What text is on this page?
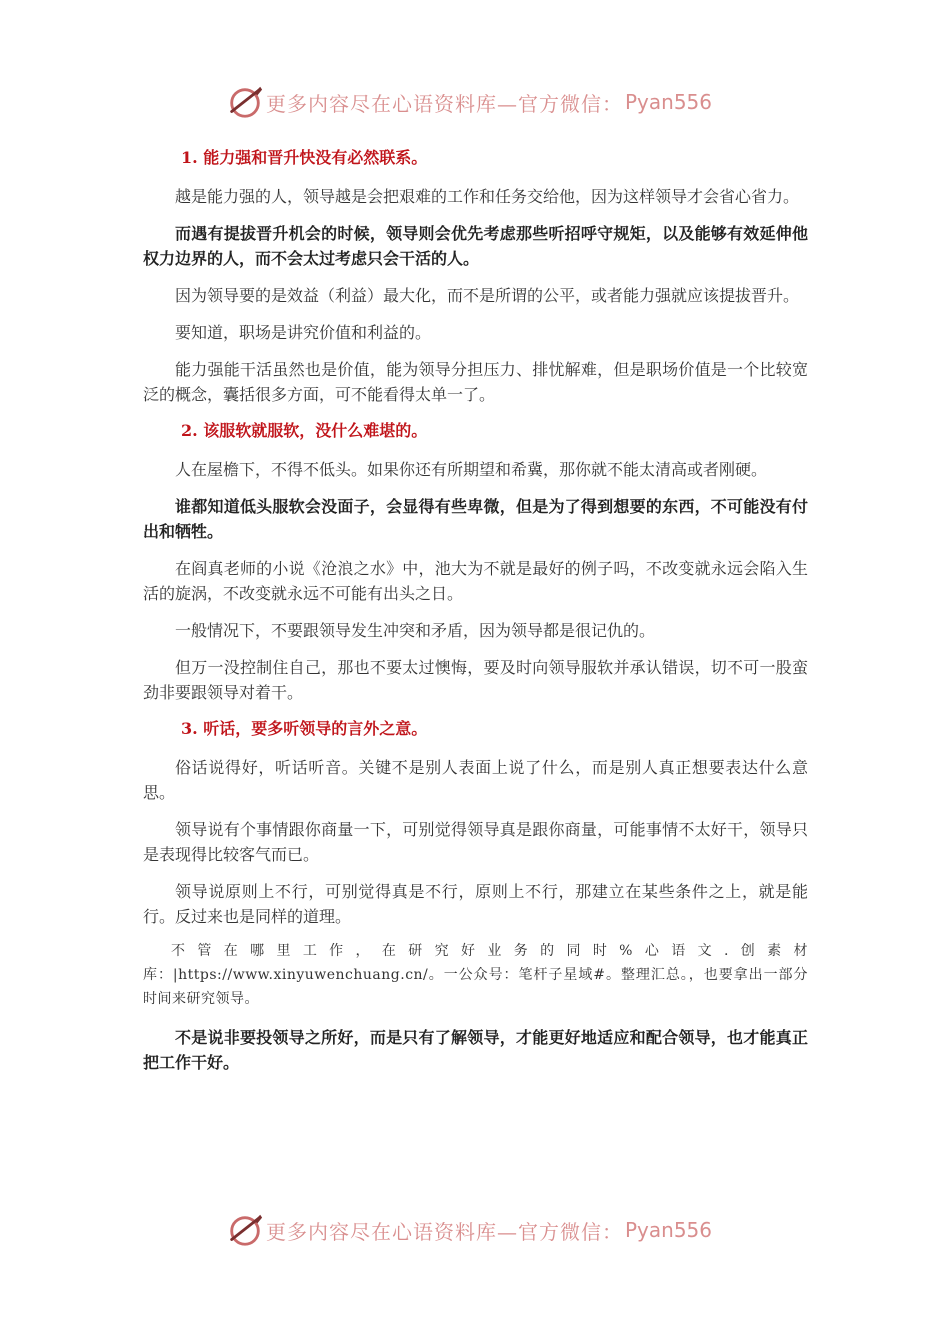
更多内容尽在心语资料库—官方微信： Pyan556

1. 能力强和晋升快没有必然联系。

越是能力强的人，领导越是会把艰难的工作和任务交给他，因为这样领导才会省心省力。

而遇有提拔晋升机会的时候，领导则会优先考虑那些听招呼守规矩，以及能够有效延伸他权力边界的人，而不会太过考虑只会干活的人。

因为领导要的是效益（利益）最大化，而不是所谓的公平，或者能力强就应该提拔晋升。

要知道，职场是讲究价值和利益的。

能力强能干活虽然也是价值，能为领导分担压力、排忧解难，但是职场价值是一个比较宽泛的概念，囊括很多方面，可不能看得太单一了。

2. 该服软就服软，没什么难堪的。

人在屋檐下，不得不低头。如果你还有所期望和希冀，那你就不能太清高或者刚硬。

谁都知道低头服软会没面子，会显得有些卑微，但是为了得到想要的东西，不可能没有付出和牺牲。

在阎真老师的小说《沧浪之水》中，池大为不就是最好的例子吗，不改变就永远会陷入生活的旋涡，不改变就永远不可能有出头之日。

一般情况下，不要跟领导发生冲突和矛盾，因为领导都是很记仇的。

但万一没控制住自己，那也不要太过懊悔，要及时向领导服软并承认错误，切不可一股蛮劲非要跟领导对着干。

3. 听话，要多听领导的言外之意。

俗话说得好，听话听音。关键不是别人表面上说了什么，而是别人真正想要表达什么意思。

领导说有个事情跟你商量一下，可别觉得领导真是跟你商量，可能事情不太好干，领导只是表现得比较客气而已。

领导说原则上不行，可别觉得真是不行，原则上不行，那建立在某些条件之上，就是能行。反过来也是同样的道理。

不管在哪里工作，在研究好业务的同时%心语文.创素材库：|https://www.xinyuwenchuang.cn/。一公众号：笔杆子星域#。整理汇总。，也要拿出一部分时间来研究领导。

不是说非要投领导之所好，而是只有了解领导，才能更好地适应和配合领导，也才能真正把工作干好。

更多内容尽在心语资料库—官方微信： Pyan556
